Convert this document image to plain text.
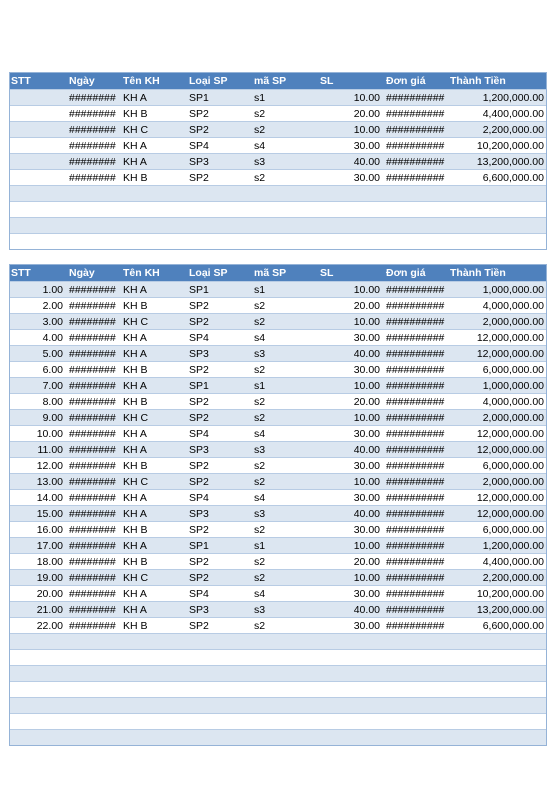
STT	Ngày	Tên KH	Loại SP	mã SP	SL	Đơn giá	Thành Tiền
######## KH A	SP1	s1	10.00 ##########	1,200,000.00
######## KH B	SP2	s2	20.00 ##########	4,400,000.00
######## KH C	SP2	s2	10.00 ##########	2,200,000.00
######## KH A	SP4	s4	30.00 ##########	10,200,000.00
######## KH A	SP3	s3	40.00 ##########	13,200,000.00
######## KH B	SP2	s2	30.00 ##########	6,600,000.00
STT	Ngày	Tên KH	Loại SP	mã SP	SL	Đơn giá	Thành Tiền
1.00 ######## KH A	SP1	s1	10.00 ##########	1,000,000.00
2.00 ######## KH B	SP2	s2	20.00 ##########	4,000,000.00
3.00 ######## KH C	SP2	s2	10.00 ##########	2,000,000.00
4.00 ######## KH A	SP4	s4	30.00 ##########	12,000,000.00
5.00 ######## KH A	SP3	s3	40.00 ##########	12,000,000.00
6.00 ######## KH B	SP2	s2	30.00 ##########	6,000,000.00
7.00 ######## KH A	SP1	s1	10.00 ##########	1,000,000.00
8.00 ######## KH B	SP2	s2	20.00 ##########	4,000,000.00
9.00 ######## KH C	SP2	s2	10.00 ##########	2,000,000.00
10.00 ######## KH A	SP4	s4	30.00 ##########	12,000,000.00
11.00 ######## KH A	SP3	s3	40.00 ##########	12,000,000.00
12.00 ######## KH B	SP2	s2	30.00 ##########	6,000,000.00
13.00 ######## KH C	SP2	s2	10.00 ##########	2,000,000.00
14.00 ######## KH A	SP4	s4	30.00 ##########	12,000,000.00
15.00 ######## KH A	SP3	s3	40.00 ##########	12,000,000.00
16.00 ######## KH B	SP2	s2	30.00 ##########	6,000,000.00
17.00 ######## KH A	SP1	s1	10.00 ##########	1,200,000.00
18.00 ######## KH B	SP2	s2	20.00 ##########	4,400,000.00
19.00 ######## KH C	SP2	s2	10.00 ##########	2,200,000.00
20.00 ######## KH A	SP4	s4	30.00 ##########	10,200,000.00
21.00 ######## KH A	SP3	s3	40.00 ##########	13,200,000.00
22.00 ######## KH B	SP2	s2	30.00 ##########	6,600,000.00
